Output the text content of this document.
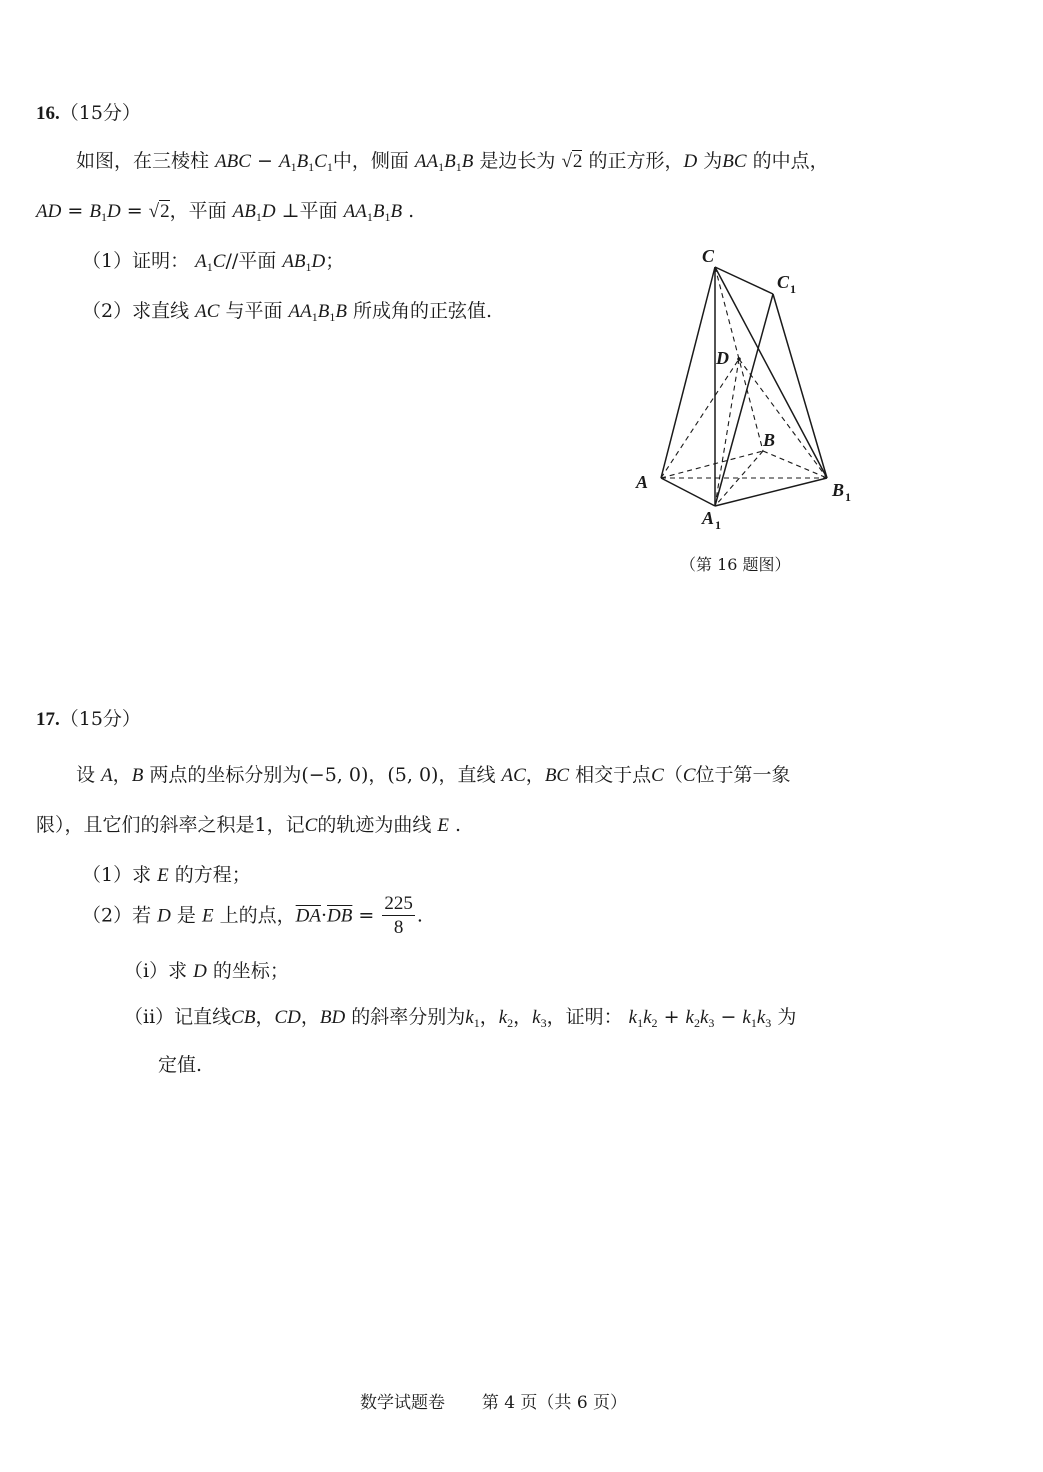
16.（15分）
如图，在三棱柱 ABC − $A_1B_1C_1$中，侧面 $AA_1B_1B$ 是边长为 √2 的正方形，D 为BC 的中点，
AD = $B_1D = √2$，平面 $AB_1D$ ⊥平面 $AA_1B_1B$ .
（1）证明： $A_1C//$平面 $AB_1D$；
（2）求直线 AC 与平面 $AA_1B_1B$ 所成角的正弦值.
C
C 1
D
B
A	B 1
A 1
（第 16 题图）
17.（15分）
设 A，B 两点的坐标分别为(−5, 0)，(5, 0)，直线 AC，BC 相交于点C（C位于第一象
限），且它们的斜率之积是1，记C的轨迹为曲线 E .
（1）求 E 的方程；
（2）若 D 是 E 上的点，$\overline{DA}\cdot\overline{DB} = \frac{225}{8}$ .
（i）求 D 的坐标；
（ii）记直线CB，CD，BD 的斜率分别为$k_1$，$k_2$，$k_3$，证明： $k_1k_2 + k_2k_3 - k_1k_3$ 为
定值.
数学试题卷 第 4 页（共 6 页）
